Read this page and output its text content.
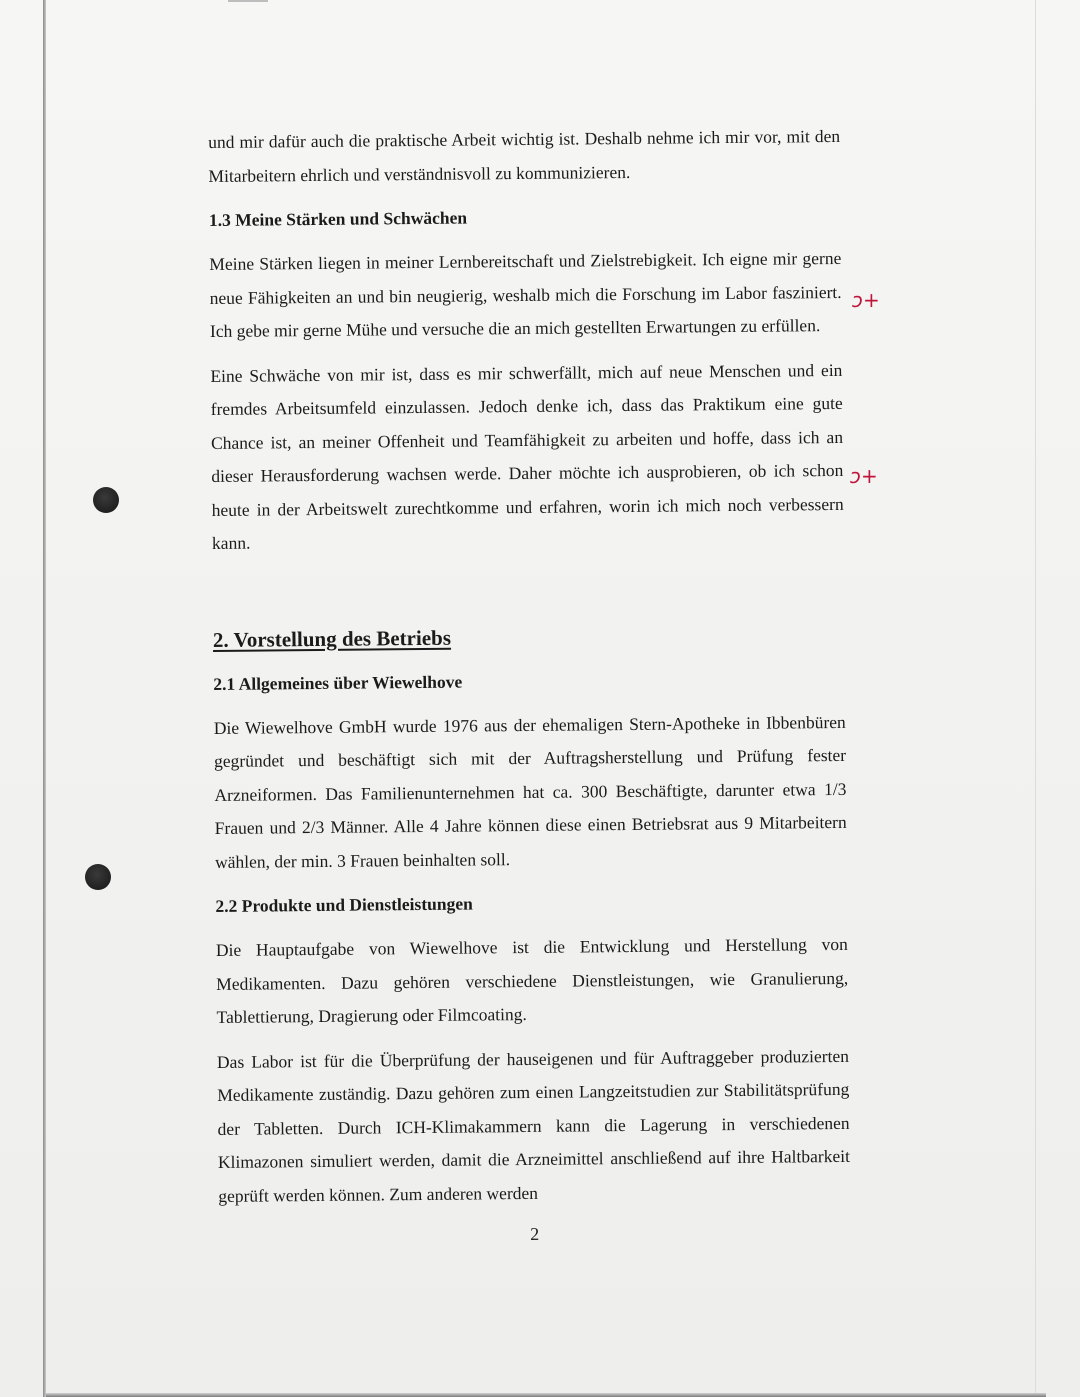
und mir dafür auch die praktische Arbeit wichtig ist. Deshalb nehme ich mir vor, mit den Mitarbeitern ehrlich und verständnisvoll zu kommunizieren.

1.3 Meine Stärken und Schwächen

Meine Stärken liegen in meiner Lernbereitschaft und Zielstrebigkeit. Ich eigne mir gerne neue Fähigkeiten an und bin neugierig, weshalb mich die Forschung im Labor fasziniert. Ich gebe mir gerne Mühe und versuche die an mich gestellten Erwartungen zu erfüllen.

Eine Schwäche von mir ist, dass es mir schwerfällt, mich auf neue Menschen und ein fremdes Arbeitsumfeld einzulassen. Jedoch denke ich, dass das Praktikum eine gute Chance ist, an meiner Offenheit und Teamfähigkeit zu arbeiten und hoffe, dass ich an dieser Herausforderung wachsen werde. Daher möchte ich ausprobieren, ob ich schon heute in der Arbeitswelt zurechtkomme und erfahren, worin ich mich noch verbessern kann.

2. Vorstellung des Betriebs
2.1 Allgemeines über Wiewelhove

Die Wiewelhove GmbH wurde 1976 aus der ehemaligen Stern-Apotheke in Ibbenbüren gegründet und beschäftigt sich mit der Auftragsherstellung und Prüfung fester Arzneiformen. Das Familienunternehmen hat ca. 300 Beschäftigte, darunter etwa 1/3 Frauen und 2/3 Männer. Alle 4 Jahre können diese einen Betriebsrat aus 9 Mitarbeitern wählen, der min. 3 Frauen beinhalten soll.

2.2 Produkte und Dienstleistungen

Die Hauptaufgabe von Wiewelhove ist die Entwicklung und Herstellung von Medikamenten. Dazu gehören verschiedene Dienstleistungen, wie Granulierung, Tablettierung, Dragierung oder Filmcoating.

Das Labor ist für die Überprüfung der hauseigenen und für Auftraggeber produzierten Medikamente zuständig. Dazu gehören zum einen Langzeitstudien zur Stabilitätsprüfung der Tabletten. Durch ICH-Klimakammern kann die Lagerung in verschiedenen Klimazonen simuliert werden, damit die Arzneimittel anschließend auf ihre Haltbarkeit geprüft werden können. Zum anderen werden

2
ɔ+
ɔ+
